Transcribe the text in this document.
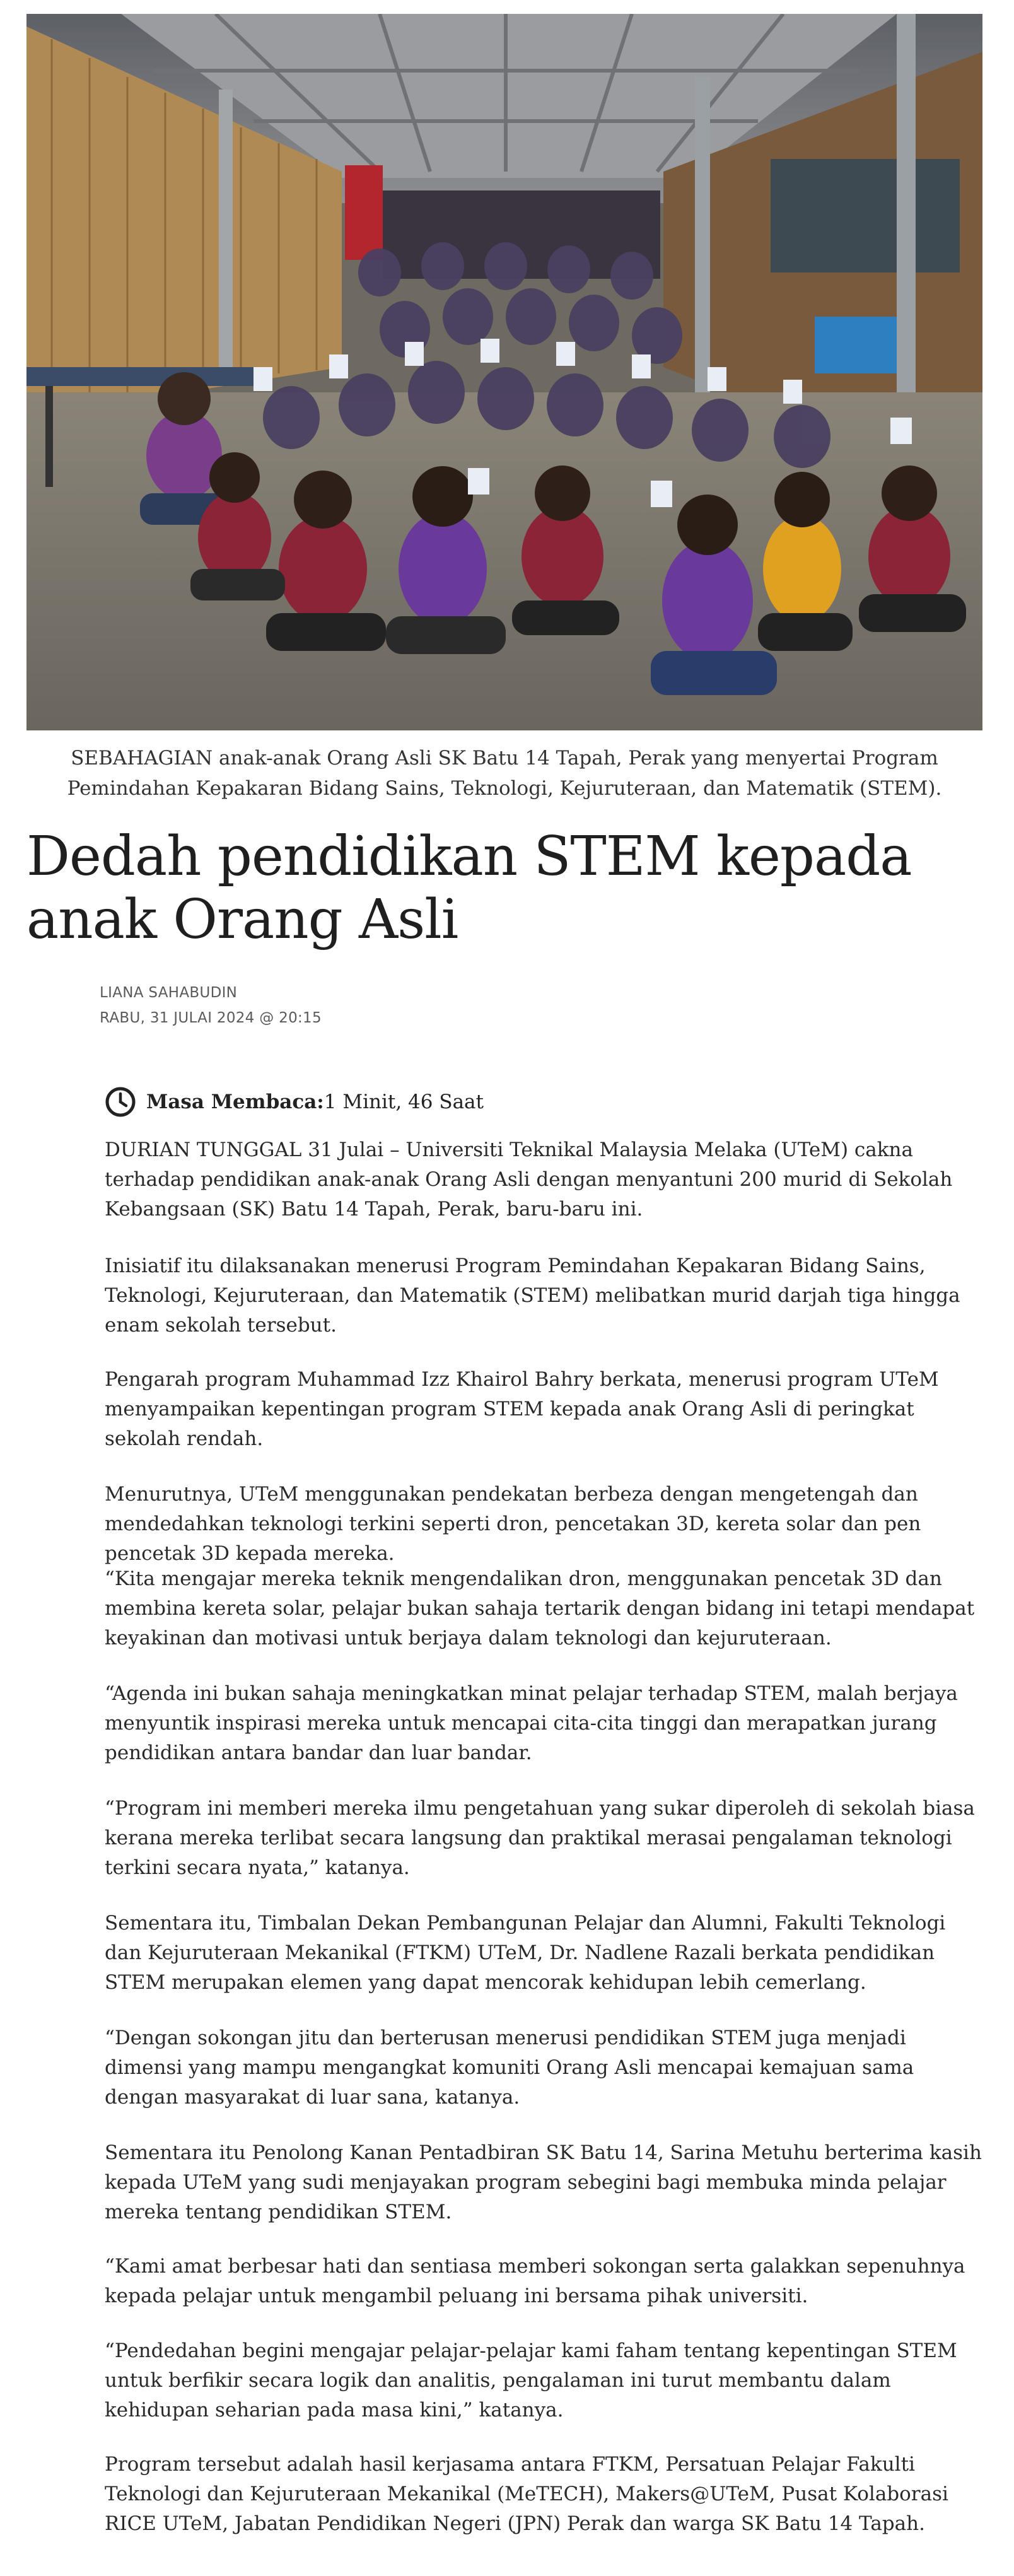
SEBAHAGIAN anak-anak Orang Asli SK Batu 14 Tapah, Perak yang menyertai Program Pemindahan Kepakaran Bidang Sains, Teknologi, Kejuruteraan, dan Matematik (STEM).
Dedah pendidikan STEM kepada anak Orang Asli
LIANA SAHABUDIN
RABU, 31 JULAI 2024 @ 20:15
Masa Membaca: 1 Minit, 46 Saat

DURIAN TUNGGAL 31 Julai – Universiti Teknikal Malaysia Melaka (UTeM) cakna terhadap pendidikan anak-anak Orang Asli dengan menyantuni 200 murid di Sekolah Kebangsaan (SK) Batu 14 Tapah, Perak, baru-baru ini.

Inisiatif itu dilaksanakan menerusi Program Pemindahan Kepakaran Bidang Sains, Teknologi, Kejuruteraan, dan Matematik (STEM) melibatkan murid darjah tiga hingga enam sekolah tersebut.

Pengarah program Muhammad Izz Khairol Bahry berkata, menerusi program UTeM menyampaikan kepentingan program STEM kepada anak Orang Asli di peringkat sekolah rendah.

Menurutnya, UTeM menggunakan pendekatan berbeza dengan mengetengah dan mendedahkan teknologi terkini seperti dron, pencetakan 3D, kereta solar dan pen pencetak 3D kepada mereka.

“Kita mengajar mereka teknik mengendalikan dron, menggunakan pencetak 3D dan membina kereta solar, pelajar bukan sahaja tertarik dengan bidang ini tetapi mendapat keyakinan dan motivasi untuk berjaya dalam teknologi dan kejuruteraan.

“Agenda ini bukan sahaja meningkatkan minat pelajar terhadap STEM, malah berjaya menyuntik inspirasi mereka untuk mencapai cita-cita tinggi dan merapatkan jurang pendidikan antara bandar dan luar bandar.

“Program ini memberi mereka ilmu pengetahuan yang sukar diperoleh di sekolah biasa kerana mereka terlibat secara langsung dan praktikal merasai pengalaman teknologi terkini secara nyata,” katanya.

Sementara itu, Timbalan Dekan Pembangunan Pelajar dan Alumni, Fakulti Teknologi dan Kejuruteraan Mekanikal (FTKM) UTeM, Dr. Nadlene Razali berkata pendidikan STEM merupakan elemen yang dapat mencorak kehidupan lebih cemerlang.

“Dengan sokongan jitu dan berterusan menerusi pendidikan STEM juga menjadi dimensi yang mampu mengangkat komuniti Orang Asli mencapai kemajuan sama dengan masyarakat di luar sana, katanya.

Sementara itu Penolong Kanan Pentadbiran SK Batu 14, Sarina Metuhu berterima kasih kepada UTeM yang sudi menjayakan program sebegini bagi membuka minda pelajar mereka tentang pendidikan STEM.

“Kami amat berbesar hati dan sentiasa memberi sokongan serta galakkan sepenuhnya kepada pelajar untuk mengambil peluang ini bersama pihak universiti.

“Pendedahan begini mengajar pelajar-pelajar kami faham tentang kepentingan STEM untuk berfikir secara logik dan analitis, pengalaman ini turut membantu dalam kehidupan seharian pada masa kini,” katanya.

Program tersebut adalah hasil kerjasama antara FTKM, Persatuan Pelajar Fakulti Teknologi dan Kejuruteraan Mekanikal (MeTECH), Makers@UTeM, Pusat Kolaborasi RICE UTeM, Jabatan Pendidikan Negeri (JPN) Perak dan warga SK Batu 14 Tapah.
